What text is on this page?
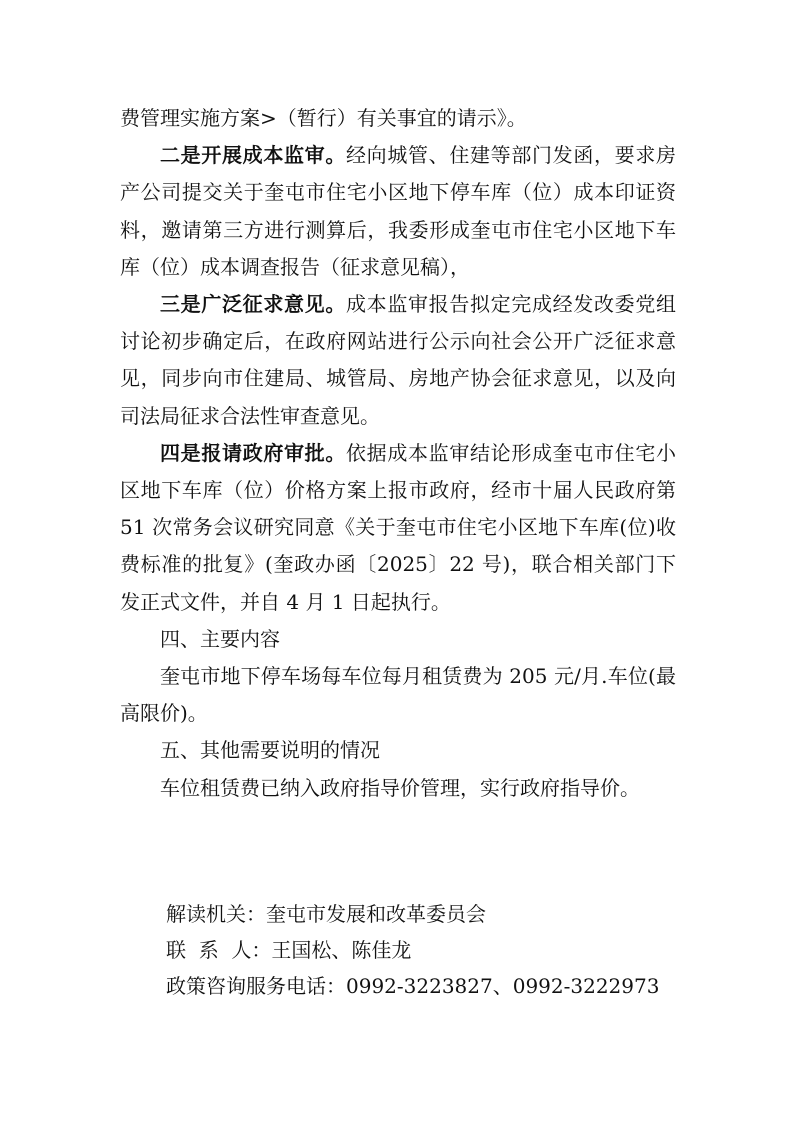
费管理实施方案>（暂行）有关事宜的请示》。

二是开展成本监审。经向城管、住建等部门发函，要求房产公司提交关于奎屯市住宅小区地下停车库（位）成本印证资料，邀请第三方进行测算后，我委形成奎屯市住宅小区地下车库（位）成本调查报告（征求意见稿），

三是广泛征求意见。成本监审报告拟定完成经发改委党组讨论初步确定后，在政府网站进行公示向社会公开广泛征求意见，同步向市住建局、城管局、房地产协会征求意见，以及向司法局征求合法性审查意见。

四是报请政府审批。依据成本监审结论形成奎屯市住宅小区地下车库（位）价格方案上报市政府，经市十届人民政府第 51 次常务会议研究同意《关于奎屯市住宅小区地下车库(位)收费标准的批复》(奎政办函〔2025〕22 号)，联合相关部门下发正式文件，并自 4 月 1 日起执行。

四、主要内容

奎屯市地下停车场每车位每月租赁费为 205 元/月.车位(最高限价)。

五、其他需要说明的情况

车位租赁费已纳入政府指导价管理，实行政府指导价。

解读机关：奎屯市发展和改革委员会

联  系  人：王国松、陈佳龙

政策咨询服务电话：0992-3223827、0992-3222973
